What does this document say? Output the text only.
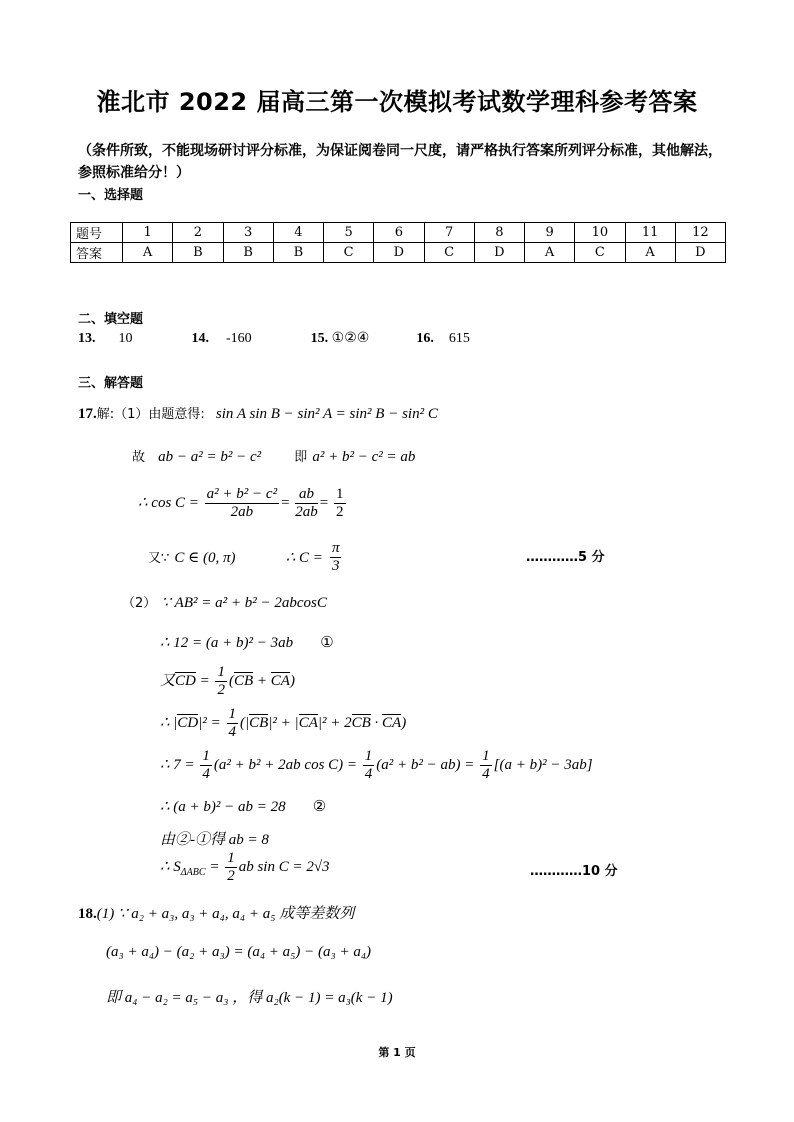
淮北市 2022 届高三第一次模拟考试数学理科参考答案
（条件所致，不能现场研讨评分标准，为保证阅卷同一尺度，请严格执行答案所列评分标准，其他解法，参照标准给分！）
一、选择题
题号	1	2	3	4	5	6	7	8	9	10	11	12
答案	A	B	B	B	C	D	C	D	A	C	A	D
二、填空题
13. 10	14. -160	15. ①②④	16. 615
三、解答题
17.解:（1）由题意得: sin A sin B − sin² A = sin² B − sin² C
故 ab − a² = b² − c²	即 a² + b² − c² = ab
∴ $\cos C = \frac{\text{a² + b² − c²}}{2ab} = \frac{ab}{2ab} = \frac{1}{2}$
又∵ C ∈ (0, π)	∴ $C = \frac{\pi}{3}$	…………5 分
（2） ∵ AB² = a² + b² − 2abcosC
∴ 12 = (a + b)² − 3ab ①
又CD = $\frac{1}{2} (CB + CA)$
∴ $|CD|^2 = \frac{1}{4} (|CB|^2 + |CA|^2 + 2CB \cdot CA)$
∴ $7 = \frac{1}{4} (a^2 + b^2 + 2ab$ $\cos C) = \frac{1}{4} (a^2 + b^2 - ab) = \frac{1}{4} [(a + b)^2 - 3ab]$
∴ (a + b)² − ab = 28 ②
由②-①得 ab = 8
∴ $S_{\Delta ABC} = \frac{1}{2}$ ab sin C = 2√3	…………10 分
18.(1) ∵ a₂ + a₃, a₃ + a₄, a₄ + a₅ 成等差数列
(a₃ + a₄) − (a₂ + a₃) = (a₄ + a₅) − (a₃ + a₄)
即 a₄ − a₂ = a₅ − a₃ ，得 a₂(k − 1) = a₃(k − 1)
第 1 页
